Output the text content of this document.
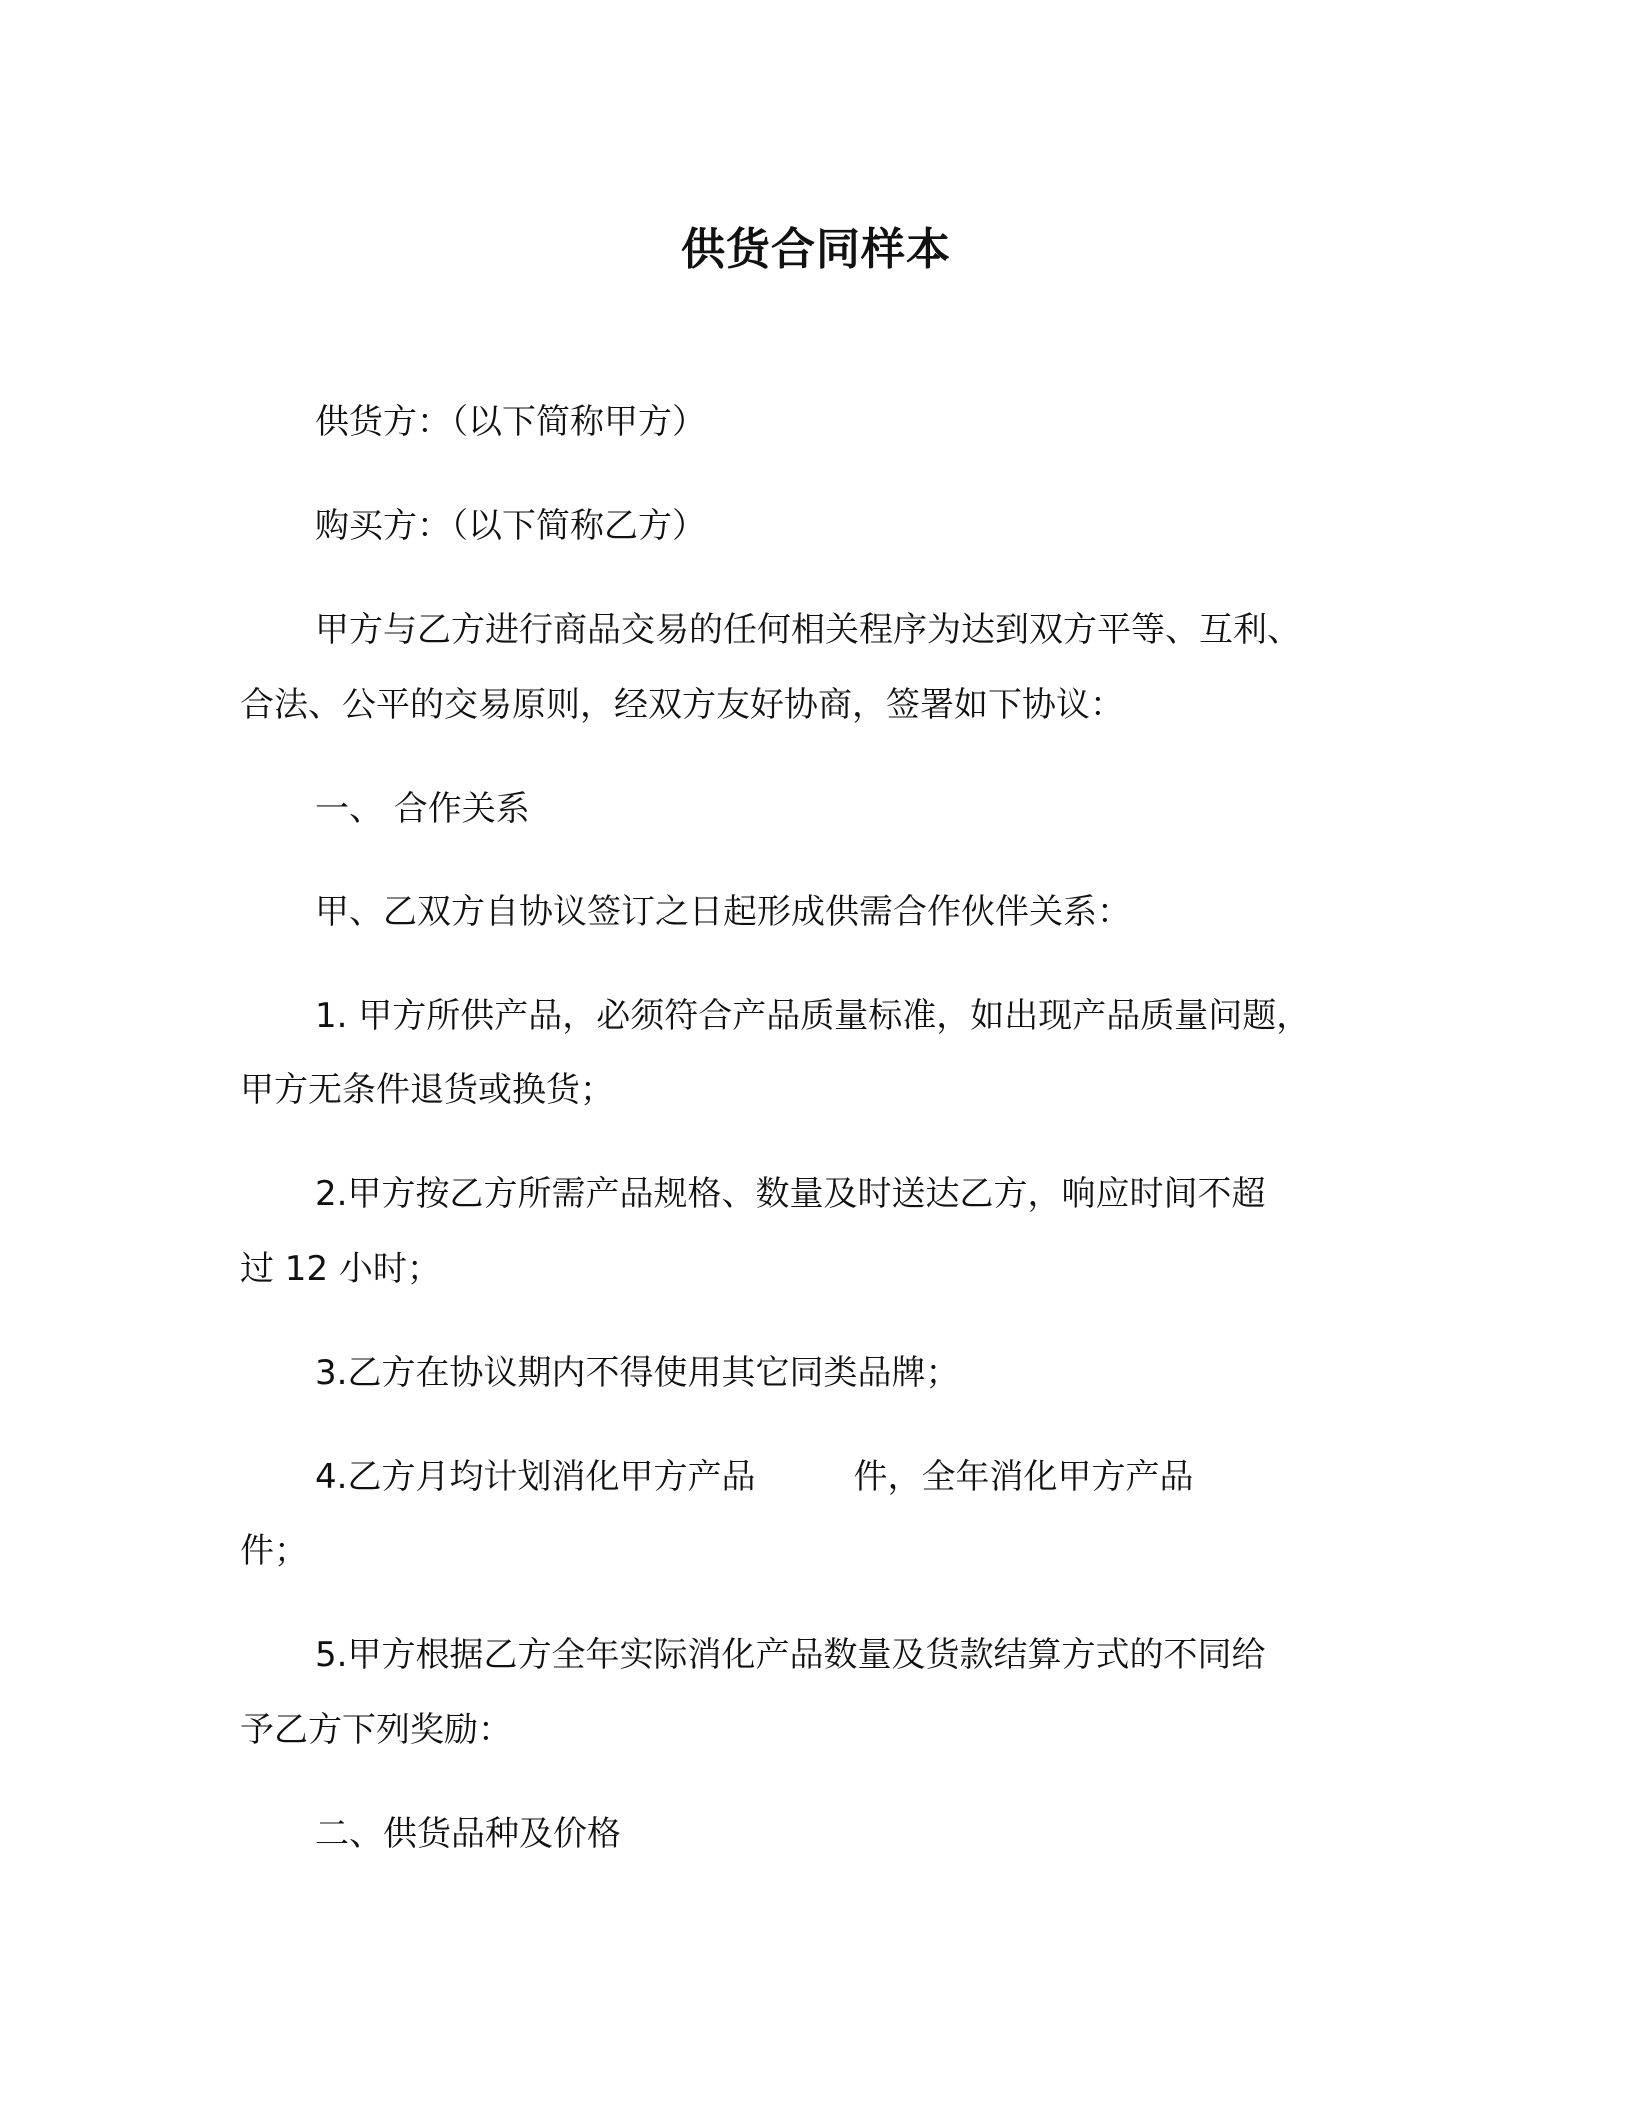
供货合同样本
供货方：（以下简称甲方）
购买方：（以下简称乙方）
甲方与乙方进行商品交易的任何相关程序为达到双方平等、互利、
合法、公平的交易原则，经双方友好协商，签署如下协议：
一、 合作关系
甲、乙双方自协议签订之日起形成供需合作伙伴关系：
1. 甲方所供产品，必须符合产品质量标准，如出现产品质量问题，
甲方无条件退货或换货；
2.甲方按乙方所需产品规格、数量及时送达乙方，响应时间不超
过 12 小时；
3.乙方在协议期内不得使用其它同类品牌；
4.乙方月均计划消化甲方产品	件，全年消化甲方产品
件；
5.甲方根据乙方全年实际消化产品数量及货款结算方式的不同给
予乙方下列奖励：
二、供货品种及价格
